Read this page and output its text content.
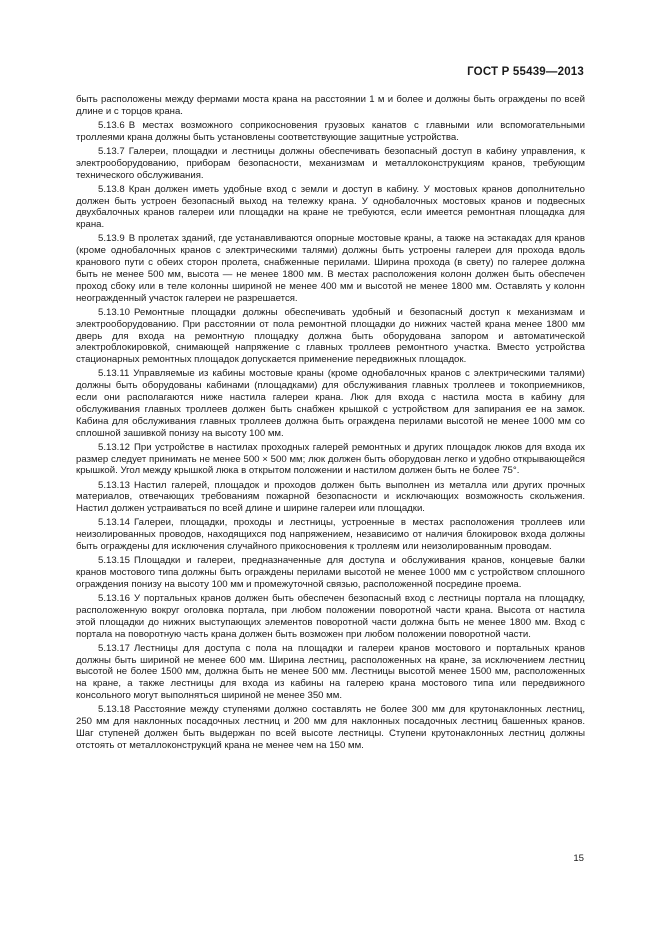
ГОСТ Р 55439—2013

быть расположены между фермами моста крана на расстоянии 1 м и более и должны быть ограждены по всей длине и с торцов крана.

5.13.6 В местах возможного соприкосновения грузовых канатов с главными или вспомогательными троллеями крана должны быть установлены соответствующие защитные устройства.

5.13.7 Галереи, площадки и лестницы должны обеспечивать безопасный доступ в кабину управления, к электрооборудованию, приборам безопасности, механизмам и металлоконструкциям кранов, требующим технического обслуживания.

5.13.8 Кран должен иметь удобные вход с земли и доступ в кабину. У мостовых кранов дополнительно должен быть устроен безопасный выход на тележку крана. У однобалочных мостовых кранов и подвесных двухбалочных кранов галереи или площадки на кране не требуются, если имеется ремонтная площадка для крана.

5.13.9 В пролетах зданий, где устанавливаются опорные мостовые краны, а также на эстакадах для кранов (кроме однобалочных кранов с электрическими талями) должны быть устроены галереи для прохода вдоль кранового пути с обеих сторон пролета, снабженные перилами. Ширина прохода (в свету) по галерее должна быть не менее 500 мм, высота — не менее 1800 мм. В местах расположения колонн должен быть обеспечен проход сбоку или в теле колонны шириной не менее 400 мм и высотой не менее 1800 мм. Оставлять у колонн неогражденный участок галереи не разрешается.

5.13.10 Ремонтные площадки должны обеспечивать удобный и безопасный доступ к механизмам и электрооборудованию. При расстоянии от пола ремонтной площадки до нижних частей крана менее 1800 мм дверь для входа на ремонтную площадку должна быть оборудована запором и автоматической электроблокировкой, снимающей напряжение с главных троллеев ремонтного участка. Вместо устройства стационарных ремонтных площадок допускается применение передвижных площадок.

5.13.11 Управляемые из кабины мостовые краны (кроме однобалочных кранов с электрическими талями) должны быть оборудованы кабинами (площадками) для обслуживания главных троллеев и токоприемников, если они располагаются ниже настила галереи крана. Люк для входа с настила моста в кабину для обслуживания главных троллеев должен быть снабжен крышкой с устройством для запирания ее на замок. Кабина для обслуживания главных троллеев должна быть ограждена перилами высотой не менее 1000 мм со сплошной зашивкой понизу на высоту 100 мм.

5.13.12 При устройстве в настилах проходных галерей ремонтных и других площадок люков для входа их размер следует принимать не менее 500 × 500 мм; люк должен быть оборудован легко и удобно открывающейся крышкой. Угол между крышкой люка в открытом положении и настилом должен быть не более 75°.

5.13.13 Настил галерей, площадок и проходов должен быть выполнен из металла или других прочных материалов, отвечающих требованиям пожарной безопасности и исключающих возможность скольжения. Настил должен устраиваться по всей длине и ширине галереи или площадки.

5.13.14 Галереи, площадки, проходы и лестницы, устроенные в местах расположения троллеев или неизолированных проводов, находящихся под напряжением, независимо от наличия блокировок входа должны быть ограждены для исключения случайного прикосновения к троллеям или неизолированным проводам.

5.13.15 Площадки и галереи, предназначенные для доступа и обслуживания кранов, концевые балки кранов мостового типа должны быть ограждены перилами высотой не менее 1000 мм с устройством сплошного ограждения понизу на высоту 100 мм и промежуточной связью, расположенной посредине проема.

5.13.16 У портальных кранов должен быть обеспечен безопасный вход с лестницы портала на площадку, расположенную вокруг оголовка портала, при любом положении поворотной части крана. Высота от настила этой площадки до нижних выступающих элементов поворотной части должна быть не менее 1800 мм. Вход с портала на поворотную часть крана должен быть возможен при любом положении поворотной части.

5.13.17 Лестницы для доступа с пола на площадки и галереи кранов мостового и портальных кранов должны быть шириной не менее 600 мм. Ширина лестниц, расположенных на кране, за исключением лестниц высотой не более 1500 мм, должна быть не менее 500 мм. Лестницы высотой менее 1500 мм, расположенных на кране, а также лестницы для входа из кабины на галерею крана мостового типа или передвижного консольного могут выполняться шириной не менее 350 мм.

5.13.18 Расстояние между ступенями должно составлять не более 300 мм для крутонаклонных лестниц, 250 мм для наклонных посадочных лестниц и 200 мм для наклонных посадочных лестниц башенных кранов. Шаг ступеней должен быть выдержан по всей высоте лестницы. Ступени крутонаклонных лестниц должны отстоять от металлоконструкций крана не менее чем на 150 мм.

15
